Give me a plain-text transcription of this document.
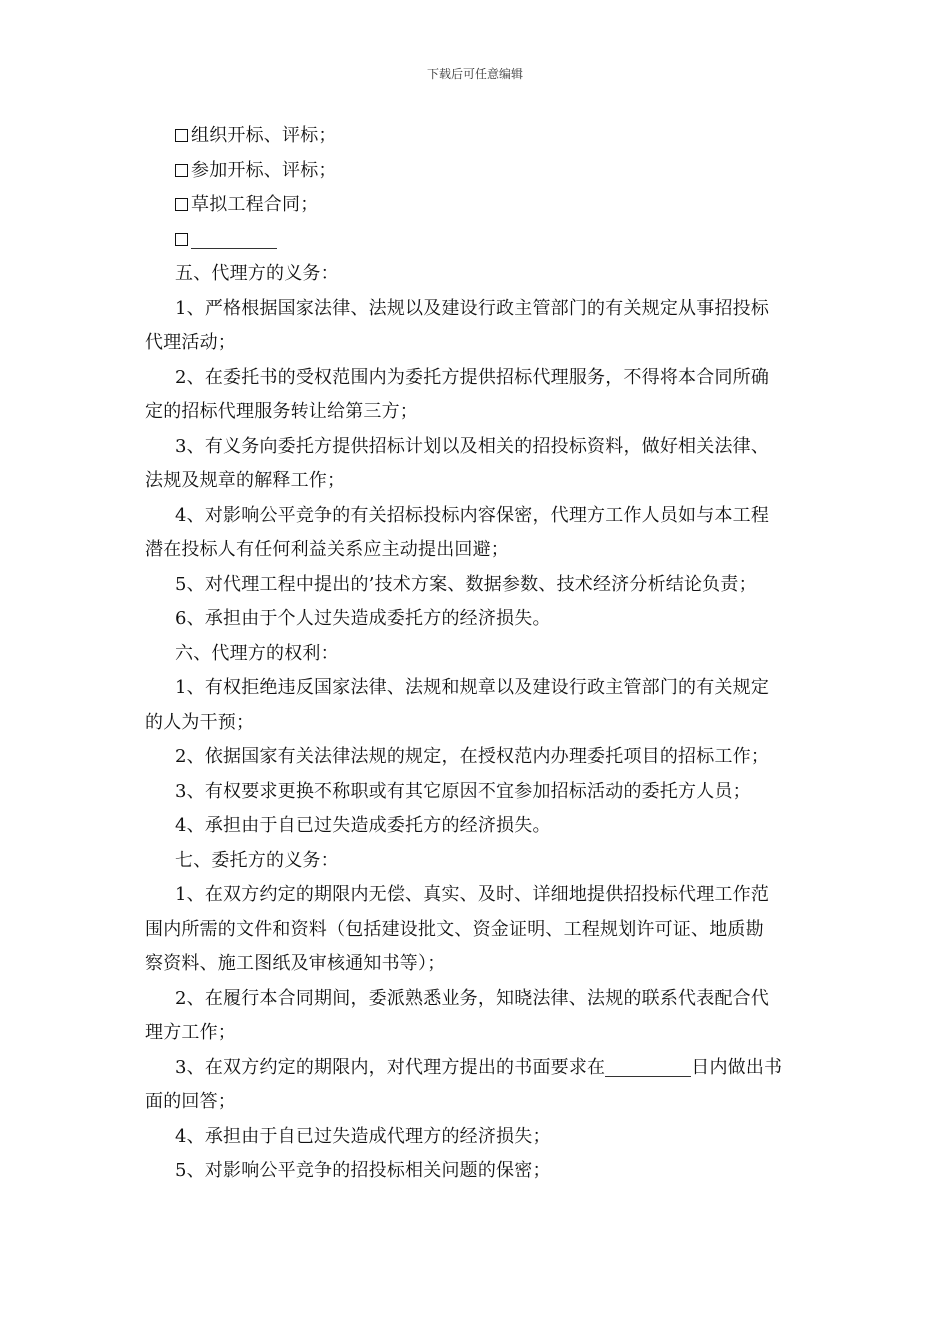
下载后可任意编辑
组织开标、评标；
参加开标、评标；
草拟工程合同；
五、代理方的义务：
1、严格根据国家法律、法规以及建设行政主管部门的有关规定从事招投标
代理活动；
2、在委托书的受权范围内为委托方提供招标代理服务，不得将本合同所确
定的招标代理服务转让给第三方；
3、有义务向委托方提供招标计划以及相关的招投标资料，做好相关法律、
法规及规章的解释工作；
4、对影响公平竞争的有关招标投标内容保密，代理方工作人员如与本工程
潜在投标人有任何利益关系应主动提出回避；
5、对代理工程中提出的’技术方案、数据参数、技术经济分析结论负责；
6、承担由于个人过失造成委托方的经济损失。
六、代理方的权利：
1、有权拒绝违反国家法律、法规和规章以及建设行政主管部门的有关规定
的人为干预；
2、依据国家有关法律法规的规定，在授权范内办理委托项目的招标工作；
3、有权要求更换不称职或有其它原因不宜参加招标活动的委托方人员；
4、承担由于自已过失造成委托方的经济损失。
七、委托方的义务：
1、在双方约定的期限内无偿、真实、及时、详细地提供招投标代理工作范
围内所需的文件和资料（包括建设批文、资金证明、工程规划许可证、地质勘
察资料、施工图纸及审核通知书等）；
2、在履行本合同期间，委派熟悉业务，知晓法律、法规的联系代表配合代
理方工作；
3、在双方约定的期限内，对代理方提出的书面要求在	日内做出书
面的回答；
4、承担由于自已过失造成代理方的经济损失；
5、对影响公平竞争的招投标相关问题的保密；
